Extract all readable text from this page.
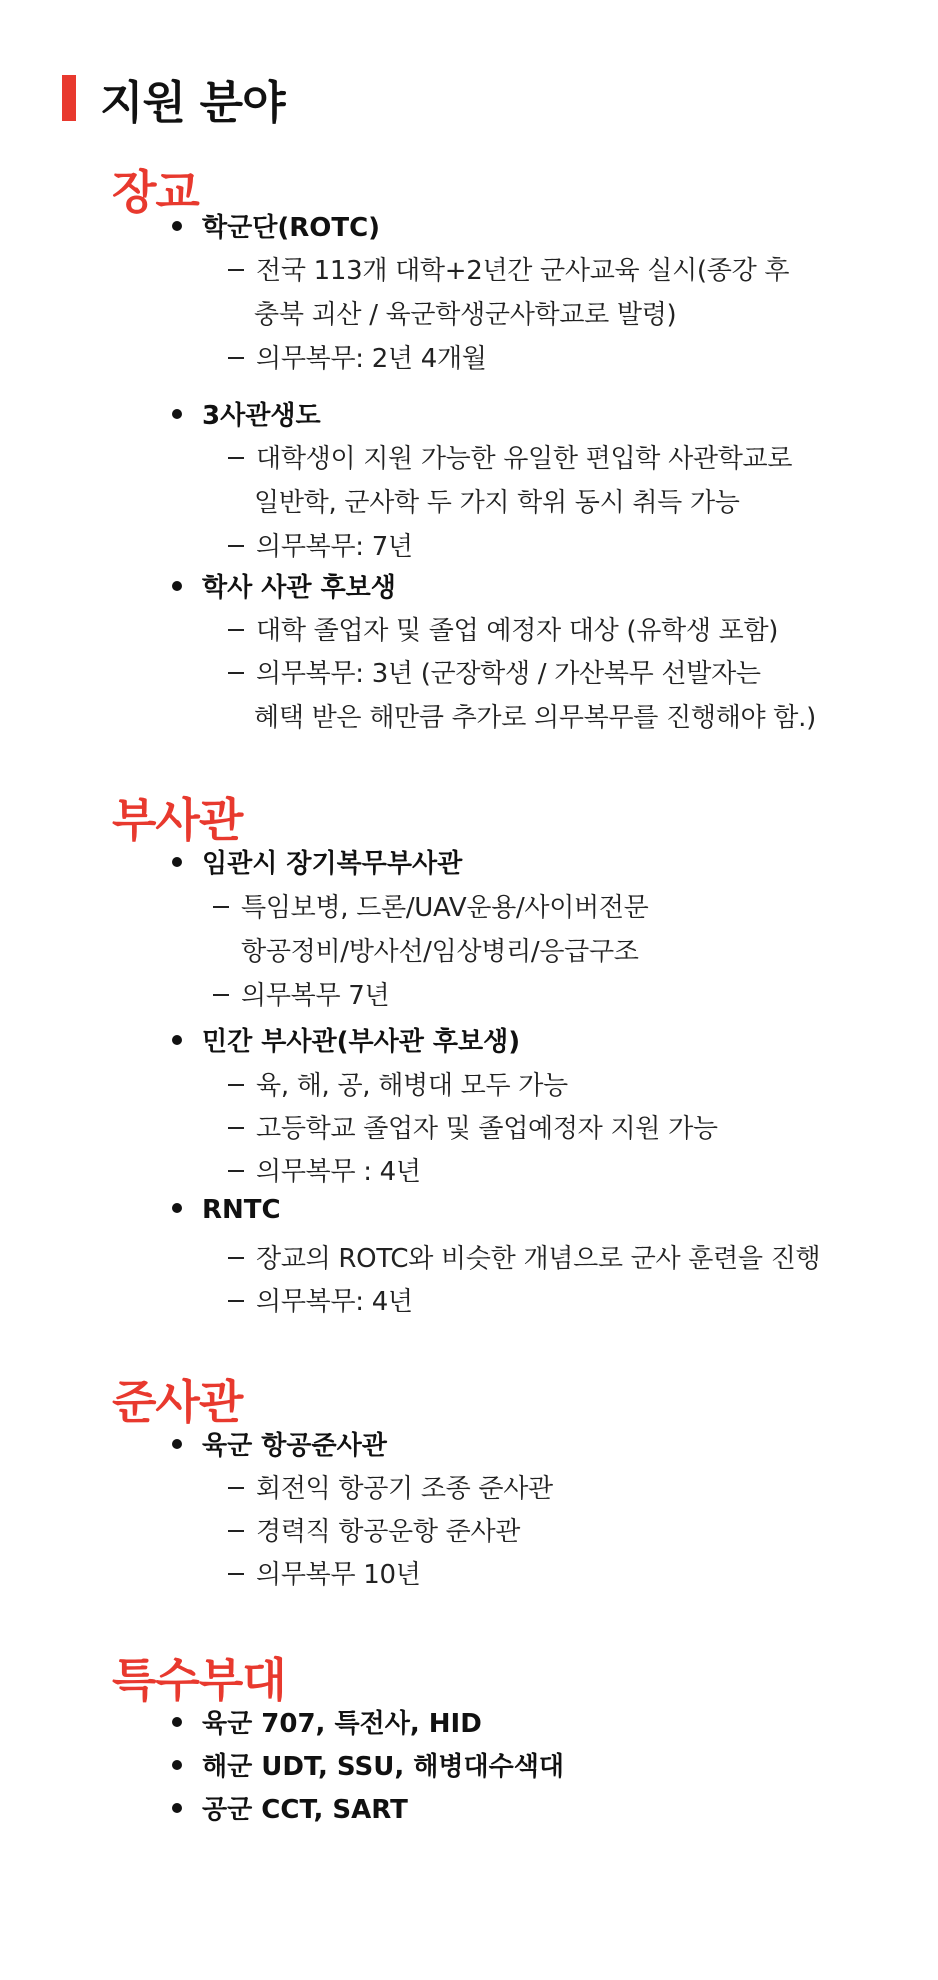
지원 분야
장교
학군단(ROTC)
전국 113개 대학+2년간 군사교육 실시(종강 후
충북 괴산 / 육군학생군사학교로 발령)
의무복무: 2년 4개월
3사관생도
대학생이 지원 가능한 유일한 편입학 사관학교로
일반학, 군사학 두 가지 학위 동시 취득 가능
의무복무: 7년
학사 사관 후보생
대학 졸업자 및 졸업 예정자 대상 (유학생 포함)
의무복무: 3년 (군장학생 / 가산복무 선발자는
혜택 받은 해만큼 추가로 의무복무를 진행해야 함.)
부사관
임관시 장기복무부사관
특임보병, 드론/UAV운용/사이버전문
항공정비/방사선/임상병리/응급구조
의무복무 7년
민간 부사관(부사관 후보생)
육, 해, 공, 해병대 모두 가능
고등학교 졸업자 및 졸업예정자 지원 가능
의무복무 : 4년
RNTC
장교의 ROTC와 비슷한 개념으로 군사 훈련을 진행
의무복무: 4년
준사관
육군 항공준사관
회전익 항공기 조종 준사관
경력직 항공운항 준사관
의무복무 10년
특수부대
육군 707, 특전사, HID
해군 UDT, SSU, 해병대수색대
공군 CCT, SART
